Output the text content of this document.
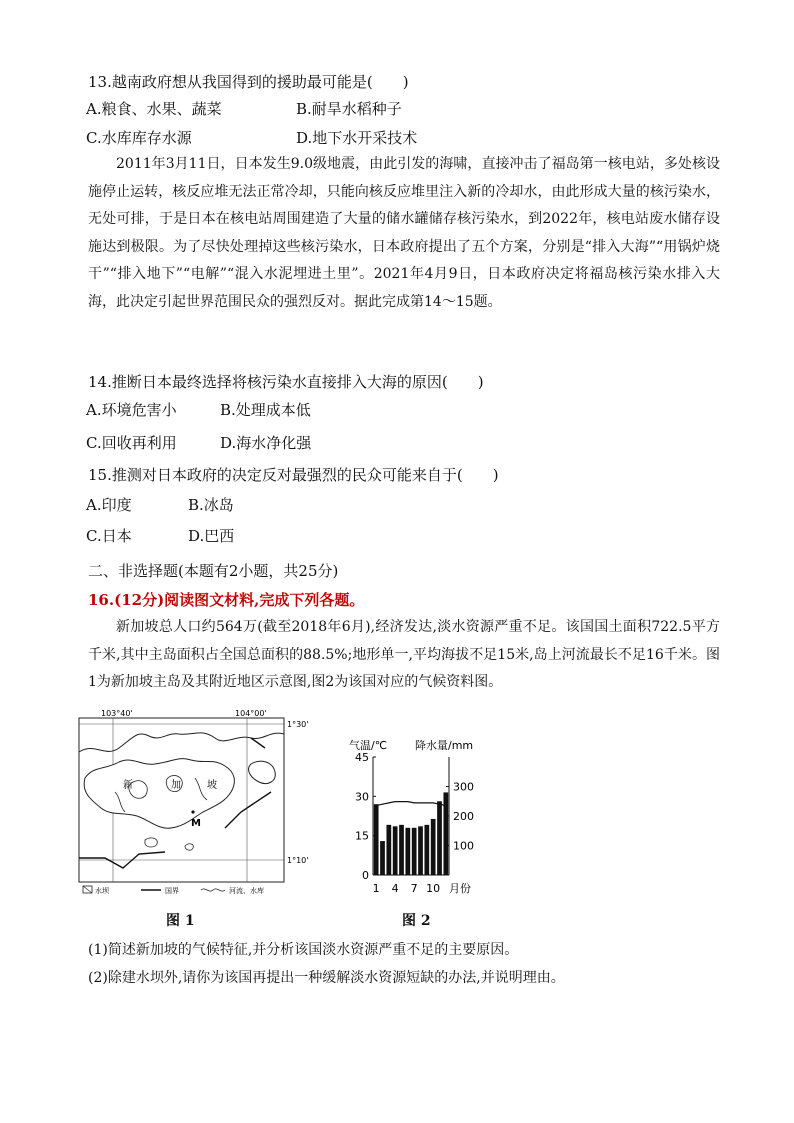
13.越南政府想从我国得到的援助最可能是(　　)
A.粮食、水果、蔬菜	B.耐旱水稻种子
C.水库库存水源	D.地下水开采技术
2011年3月11日，日本发生9.0级地震，由此引发的海啸，直接冲击了福岛第一核电站，多处核设施停止运转，核反应堆无法正常冷却，只能向核反应堆里注入新的冷却水，由此形成大量的核污染水，无处可排，于是日本在核电站周围建造了大量的储水罐储存核污染水，到2022年，核电站废水储存设施达到极限。为了尽快处理掉这些核污染水，日本政府提出了五个方案，分别是“排入大海”“用锅炉烧干”“排入地下”“电解”“混入水泥埋进土里”。2021年4月9日，日本政府决定将福岛核污染水排入大海，此决定引起世界范围民众的强烈反对。据此完成第14～15题。
14.推断日本最终选择将核污染水直接排入大海的原因(　　)
A.环境危害小	B.处理成本低
C.回收再利用	D.海水净化强
15.推测对日本政府的决定反对最强烈的民众可能来自于(　　)
A.印度	B.冰岛
C.日本	D.巴西
二、非选择题(本题有2小题，共25分)
16.(12分)阅读图文材料,完成下列各题。
新加坡总人口约564万(截至2018年6月),经济发达,淡水资源严重不足。该国国土面积722.5平方千米,其中主岛面积占全国总面积的88.5%;地形单一,平均海拔不足15米,岛上河流最长不足16千米。图1为新加坡主岛及其附近地区示意图,图2为该国对应的气候资料图。
103°40'	104°00'
1°30'
1°10'
新	加	坡
M
水坝	国界	河流、水库
图 1
气温/℃	降水量/mm
45
30
15
0
300
200
100
1 4 7 10 月份
图 2
(1)简述新加坡的气候特征,并分析该国淡水资源严重不足的主要原因。
(2)除建水坝外,请你为该国再提出一种缓解淡水资源短缺的办法,并说明理由。
